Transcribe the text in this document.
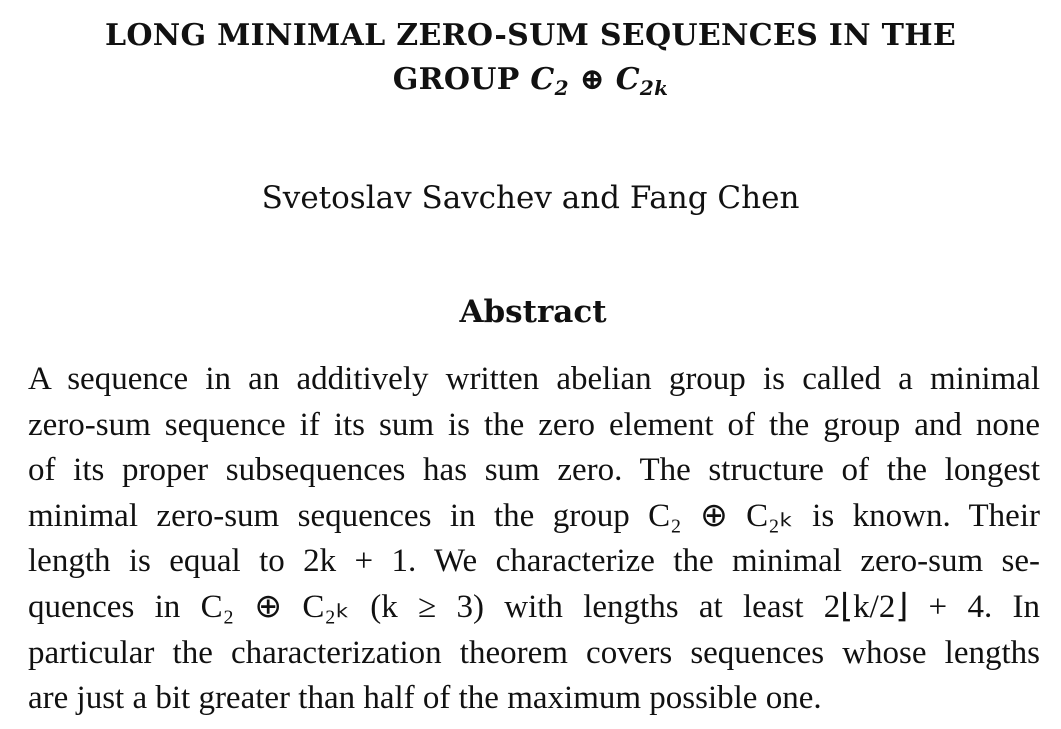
LONG MINIMAL ZERO-SUM SEQUENCES IN THE
GROUP $C_2$ ⊕ $C_{2k}$
Svetoslav Savchev and Fang Chen
Abstract
A sequence in an additively written abelian group is called a minimal
zero-sum sequence if its sum is the zero element of the group and none
of its proper subsequences has sum zero. The structure of the longest
minimal zero-sum sequences in the group C₂ ⊕ C₂ₖ is known. Their
length is equal to 2k + 1. We characterize the minimal zero-sum se-
quences in C₂ ⊕ C₂ₖ (k ≥ 3) with lengths at least 2⌊k/2⌋ + 4. In
particular the characterization theorem covers sequences whose lengths
are just a bit greater than half of the maximum possible one.
